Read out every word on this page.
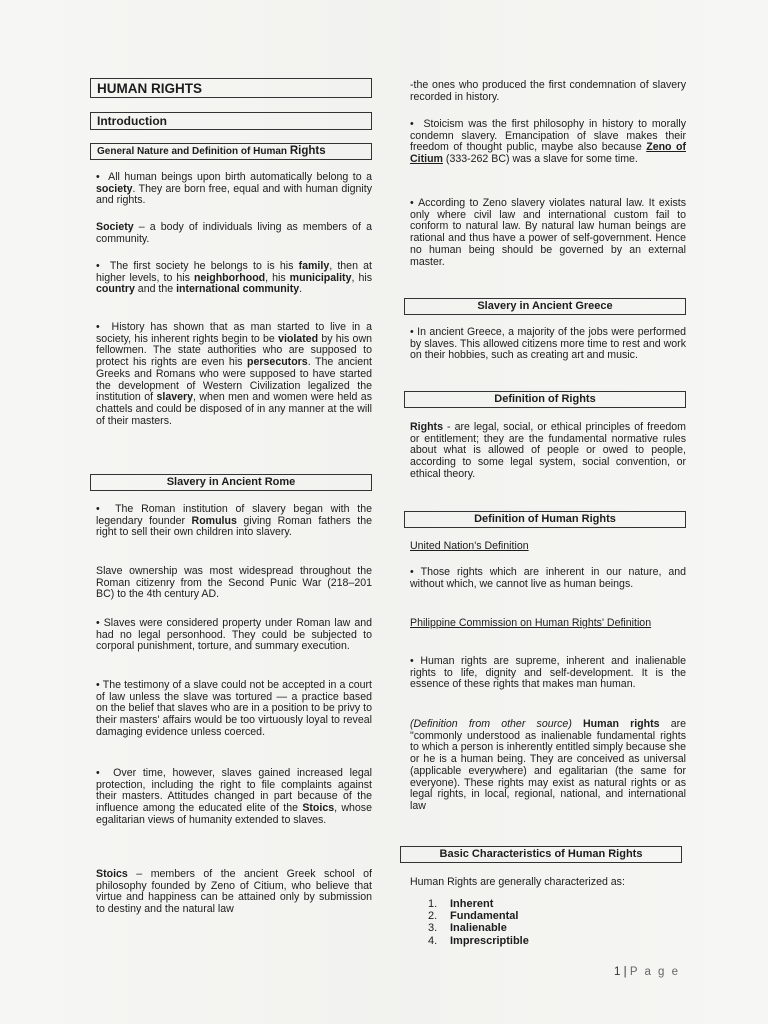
HUMAN RIGHTS
Introduction
General Nature and Definition of Human Rights

• All human beings upon birth automatically belong to a society. They are born free, equal and with human dignity and rights.

Society – a body of individuals living as members of a community.

• The first society he belongs to is his family, then at higher levels, to his neighborhood, his municipality, his country and the international community.

• History has shown that as man started to live in a society, his inherent rights begin to be violated by his own fellowmen. The state authorities who are supposed to protect his rights are even his persecutors. The ancient Greeks and Romans who were supposed to have started the development of Western Civilization legalized the institution of slavery, when men and women were held as chattels and could be disposed of in any manner at the will of their masters.

Slavery in Ancient Rome

• The Roman institution of slavery began with the legendary founder Romulus giving Roman fathers the right to sell their own children into slavery.

Slave ownership was most widespread throughout the Roman citizenry from the Second Punic War (218–201 BC) to the 4th century AD.

• Slaves were considered property under Roman law and had no legal personhood. They could be subjected to corporal punishment, torture, and summary execution.

• The testimony of a slave could not be accepted in a court of law unless the slave was tortured — a practice based on the belief that slaves who are in a position to be privy to their masters' affairs would be too virtuously loyal to reveal damaging evidence unless coerced.

• Over time, however, slaves gained increased legal protection, including the right to file complaints against their masters. Attitudes changed in part because of the influence among the educated elite of the Stoics, whose egalitarian views of humanity extended to slaves.

Stoics – members of the ancient Greek school of philosophy founded by Zeno of Citium, who believe that virtue and happiness can be attained only by submission to destiny and the natural law

-the ones who produced the first condemnation of slavery recorded in history.

• Stoicism was the first philosophy in history to morally condemn slavery. Emancipation of slave makes their freedom of thought public, maybe also because Zeno of Citium (333-262 BC) was a slave for some time.

• According to Zeno slavery violates natural law. It exists only where civil law and international custom fail to conform to natural law. By natural law human beings are rational and thus have a power of self-government. Hence no human being should be governed by an external master.

Slavery in Ancient Greece

• In ancient Greece, a majority of the jobs were performed by slaves. This allowed citizens more time to rest and work on their hobbies, such as creating art and music.

Definition of Rights

Rights - are legal, social, or ethical principles of freedom or entitlement; they are the fundamental normative rules about what is allowed of people or owed to people, according to some legal system, social convention, or ethical theory.

Definition of Human Rights

United Nation's Definition

• Those rights which are inherent in our nature, and without which, we cannot live as human beings.

Philippine Commission on Human Rights' Definition

• Human rights are supreme, inherent and inalienable rights to life, dignity and self-development. It is the essence of these rights that makes man human.

(Definition from other source) Human rights are "commonly understood as inalienable fundamental rights to which a person is inherently entitled simply because she or he is a human being. They are conceived as universal (applicable everywhere) and egalitarian (the same for everyone). These rights may exist as natural rights or as legal rights, in local, regional, national, and international law

Basic Characteristics of Human Rights

Human Rights are generally characterized as:

1. Inherent
2. Fundamental
3. Inalienable
4. Imprescriptible
1 | P a g e
